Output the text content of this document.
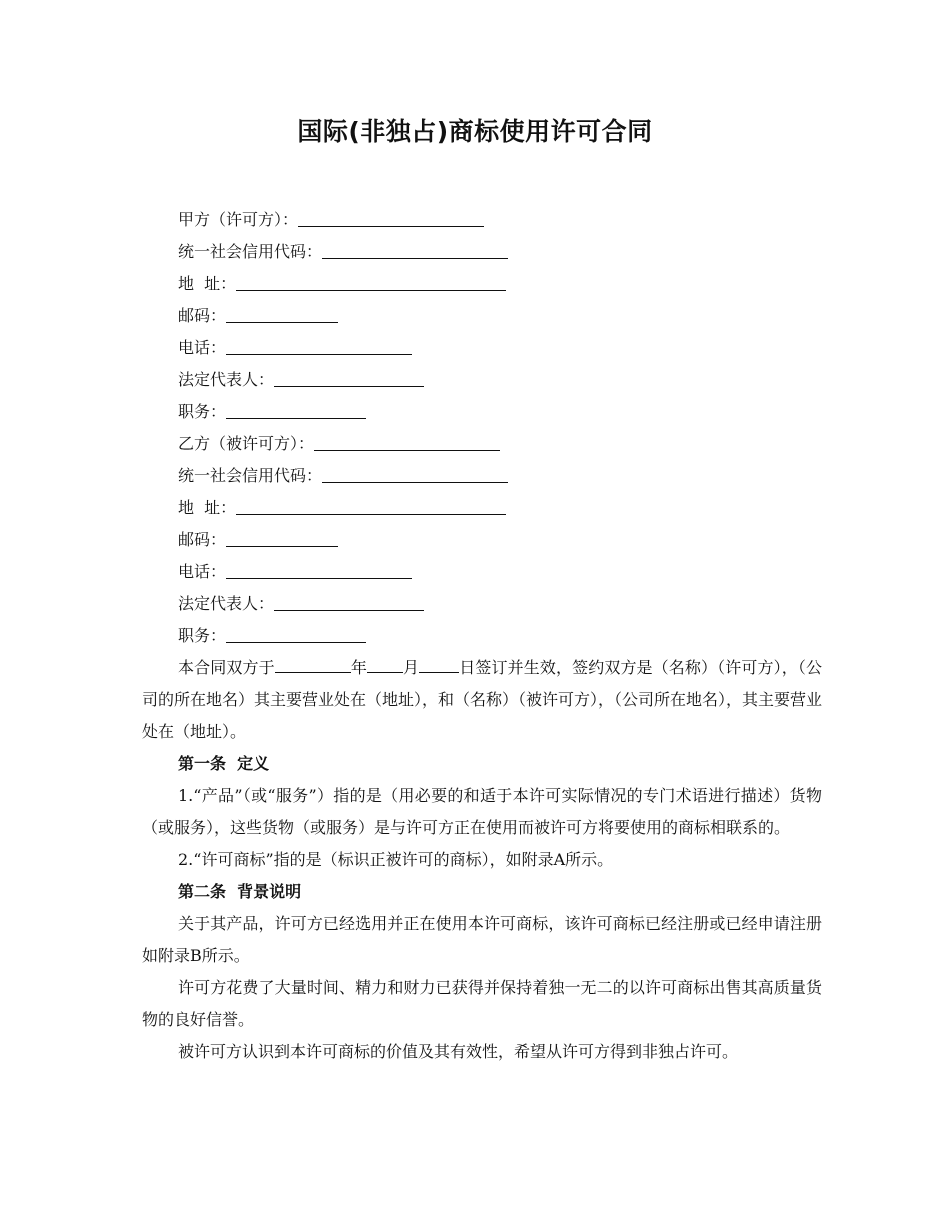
国际(非独占)商标使用许可合同
甲方（许可方）：
统一社会信用代码：
地  址：
邮码：
电话：
法定代表人：
职务：
乙方（被许可方）：
统一社会信用代码：
地  址：
邮码：
电话：
法定代表人：
职务：

本合同双方于	年 月	日签订并生效，签约双方是（名称）（许可方），（公司的所在地名）其主要营业处在（地址），和（名称）（被许可方），（公司所在地名），其主要营业处在（地址）。

第一条  定义

1.“产品”（或“服务”）指的是（用必要的和适于本许可实际情况的专门术语进行描述）货物（或服务），这些货物（或服务）是与许可方正在使用而被许可方将要使用的商标相联系的。

2.“许可商标”指的是（标识正被许可的商标），如附录A所示。

第二条  背景说明

关于其产品，许可方已经选用并正在使用本许可商标，该许可商标已经注册或已经申请注册如附录B所示。

许可方花费了大量时间、精力和财力已获得并保持着独一无二的以许可商标出售其高质量货物的良好信誉。

被许可方认识到本许可商标的价值及其有效性，希望从许可方得到非独占许可。
